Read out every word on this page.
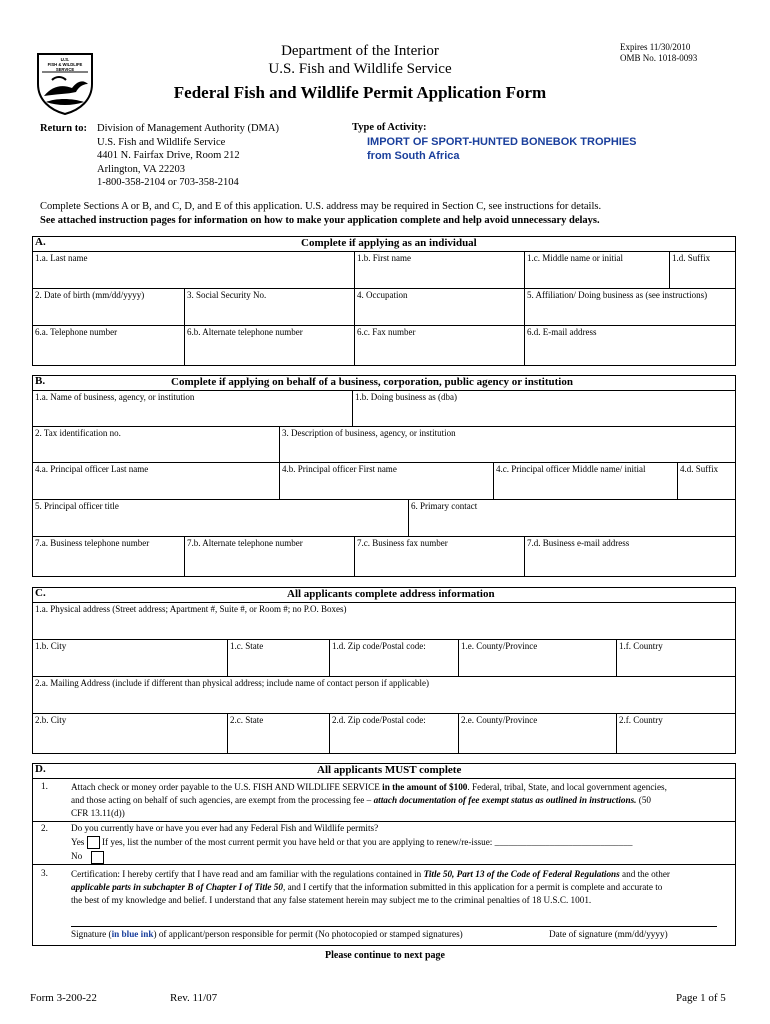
U.S.
FISH & WILDLIFE
SERVICE
Department of the Interior
U.S. Fish and Wildlife Service
Federal Fish and Wildlife Permit Application Form
Expires 11/30/2010
OMB No. 1018-0093
Return to: Division of Management Authority (DMA)
U.S. Fish and Wildlife Service
4401 N. Fairfax Drive, Room 212
Arlington, VA 22203
1-800-358-2104 or 703-358-2104
Type of Activity:
IMPORT OF SPORT-HUNTED BONEBOK TROPHIES
from South Africa
Complete Sections A or B, and C, D, and E of this application. U.S. address may be required in Section C, see instructions for details.
See attached instruction pages for information on how to make your application complete and help avoid unnecessary delays.
A.	Complete if applying as an individual
1.a. Last name	1.b. First name	1.c. Middle name or initial	1.d. Suffix
2. Date of birth (mm/dd/yyyy)	3. Social Security No.	4. Occupation	5. Affiliation/ Doing business as (see instructions)
6.a. Telephone number	6.b. Alternate telephone number	6.c. Fax number	6.d. E-mail address
B.	Complete if applying on behalf of a business, corporation, public agency or institution
1.a. Name of business, agency, or institution	1.b. Doing business as (dba)
2. Tax identification no.	3. Description of business, agency, or institution
4.a. Principal officer Last name	4.b. Principal officer First name	4.c. Principal officer Middle name/ initial	4.d. Suffix
5. Principal officer title	6. Primary contact
7.a. Business telephone number	7.b. Alternate telephone number	7.c. Business fax number	7.d. Business e-mail address
C.	All applicants complete address information
1.a. Physical address (Street address; Apartment #, Suite #, or Room #; no P.O. Boxes)
1.b. City	1.c. State	1.d. Zip code/Postal code:	1.e. County/Province	1.f. Country
2.a. Mailing Address (include if different than physical address; include name of contact person if applicable)
2.b. City	2.c. State	2.d. Zip code/Postal code:	2.e. County/Province	2.f. Country
D.	All applicants MUST complete
1.	Attach check or money order payable to the U.S. FISH AND WILDLIFE SERVICE in the amount of $100. Federal, tribal, State, and local government agencies,
and those acting on behalf of such agencies, are exempt from the processing fee – attach documentation of fee exempt status as outlined in instructions. (50
CFR 13.11(d))
2.	Do you currently have or have you ever had any Federal Fish and Wildlife permits?
Yes If yes, list the number of the most current permit you have held or that you are applying to renew/re-issue: ______________________________
No
3.	Certification: I hereby certify that I have read and am familiar with the regulations contained in Title 50, Part 13 of the Code of Federal Regulations and the other
applicable parts in subchapter B of Chapter I of Title 50, and I certify that the information submitted in this application for a permit is complete and accurate to
the best of my knowledge and belief. I understand that any false statement herein may subject me to the criminal penalties of 18 U.S.C. 1001.
Signature (in blue ink) of applicant/person responsible for permit (No photocopied or stamped signatures)	Date of signature (mm/dd/yyyy)
Please continue to next page
Form 3-200-22	Rev. 11/07	Page 1 of 5
